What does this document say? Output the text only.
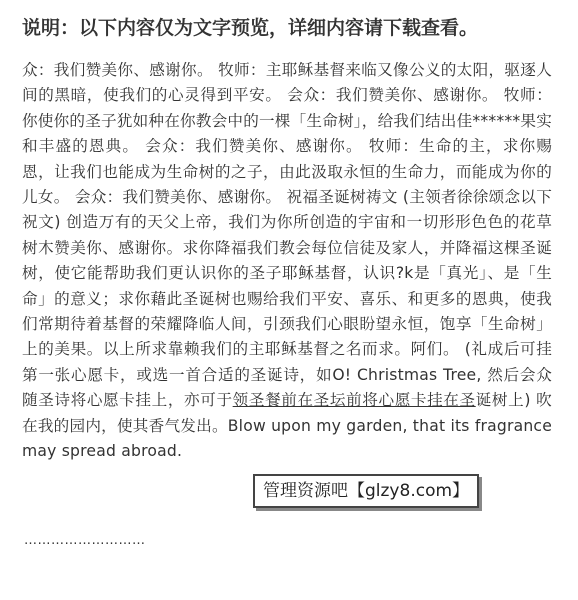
说明：以下内容仅为文字预览，详细内容请下载查看。

众：我们赞美你、感谢你。 牧师：主耶稣基督来临又像公义的太阳，驱逐人间的黑暗，使我们的心灵得到平安。 会众：我们赞美你、感谢你。 牧师：你使你的圣子犹如种在你教会中的一棵「生命树」，给我们结出佳******果实和丰盛的恩典。 会众：我们赞美你、感谢你。 牧师：生命的主，求你赐恩，让我们也能成为生命树的之子，由此汲取永恒的生命力，而能成为你的儿女。 会众：我们赞美你、感谢你。 祝福圣诞树祷文 (主领者徐徐颂念以下祝文) 创造万有的天父上帝，我们为你所创造的宇宙和一切形形色色的花草树木赞美你、感谢你。求你降福我们教会每位信徒及家人，并降福这棵圣诞树，使它能帮助我们更认识你的圣子耶稣基督，认识?k是「真光」、是「生命」的意义；求你藉此圣诞树也赐给我们平安、喜乐、和更多的恩典，使我们常期待着基督的荣耀降临人间，引颈我们心眼盼望永恒，饱享「生命树」上的美果。以上所求靠赖我们的主耶稣基督之名而求。阿们。 (礼成后可挂第一张心愿卡，或选一首合适的圣诞诗，如O! Christmas Tree, 然后会众随圣诗将心愿卡挂上，亦可于领圣餐前在圣坛前将心愿卡挂在圣诞树上) 吹在我的园内，使其香气发出。Blow upon my garden, that its fragrance may spread abroad.

………………………
管理资源吧【glzy8.com】
